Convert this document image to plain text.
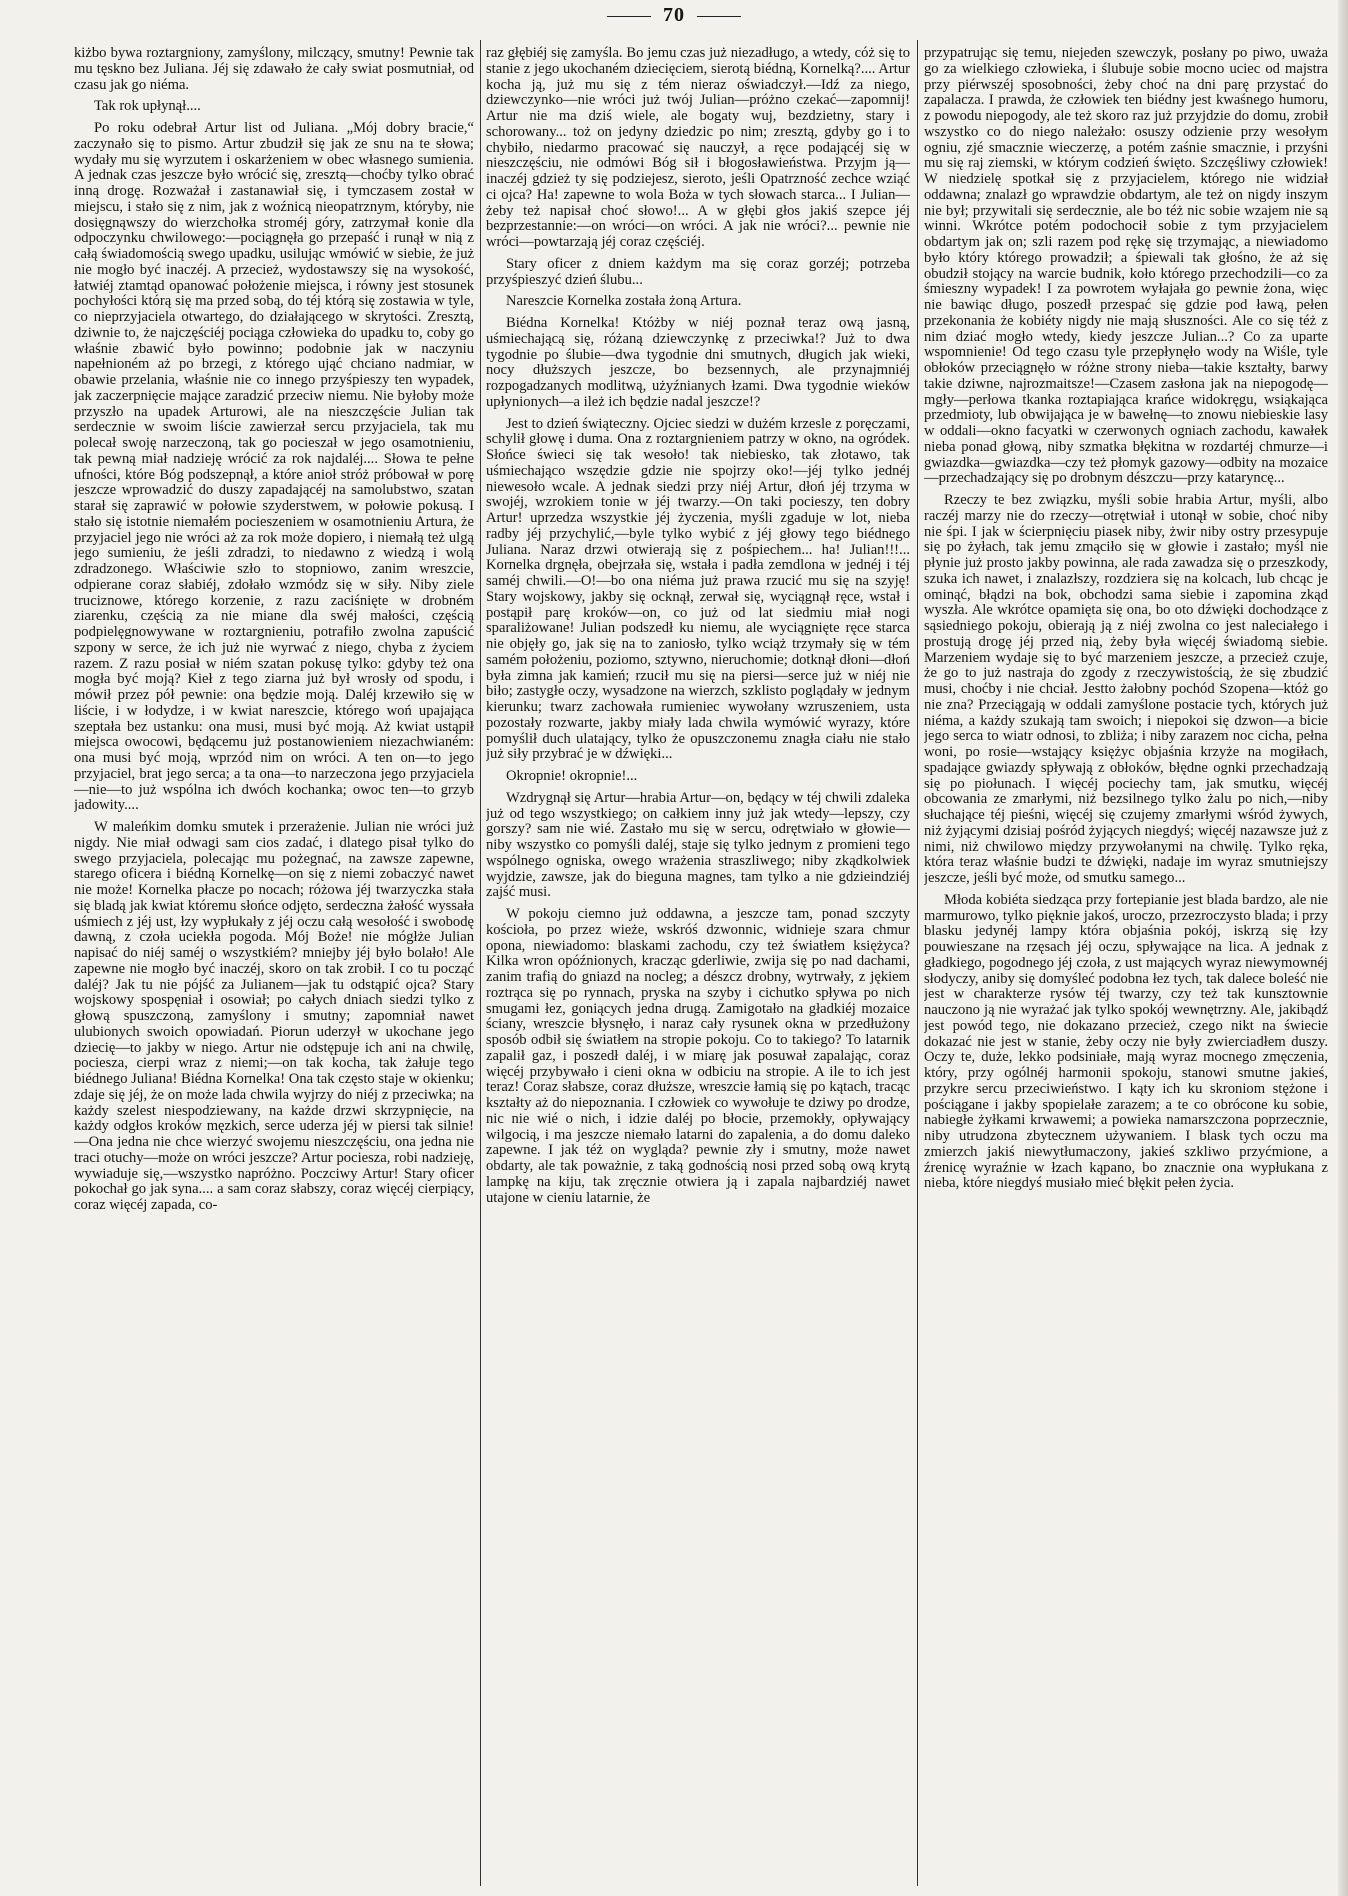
70

kiżbo bywa roztargniony, zamyślony, milczący, smutny! Pewnie tak mu tęskno bez Juliana. Jéj się zdawało że cały swiat posmutniał, od czasu jak go niéma.

Tak rok upłynął....

Po roku odebrał Artur list od Juliana. „Mój dobry bracie,“ zaczynało się to pismo. Artur zbudził się jak ze snu na te słowa; wydały mu się wyrzutem i oskarżeniem w obec własnego sumienia. A jednak czas jeszcze było wrócić się, zresztą—choćby tylko obrać inną drogę. Rozważał i zastanawiał się, i tymczasem został w miejscu, i stało się z nim, jak z woźnicą nieopatrznym, któryby, nie dosięgnąwszy do wierzchołka stroméj góry, zatrzymał konie dla odpoczynku chwilowego:—pociągnęła go przepaść i runął w nią z całą świadomością swego upadku, usilując wmówić w siebie, że już nie mogło być inaczéj. A przecież, wydostawszy się na wysokość, łatwiéj ztamtąd opanować położenie miejsca, i równy jest stosunek pochyłości którą się ma przed sobą, do téj którą się zostawia w tyle, co nieprzyjaciela otwartego, do działającego w skrytości. Zresztą, dziwnie to, że najczęściéj pociąga człowieka do upadku to, coby go właśnie zbawić było powinno; podobnie jak w naczyniu napełnioném aż po brzegi, z którego ująć chciano nadmiar, w obawie przelania, właśnie nie co innego przyśpieszy ten wypadek, jak zaczerpnięcie mające zaradzić przeciw niemu. Nie byłoby może przyszło na upadek Arturowi, ale na nieszczęście Julian tak serdecznie w swoim liście zawierzał sercu przyjaciela, tak mu polecał swoję narzeczoną, tak go pocieszał w jego osamotnieniu, tak pewną miał nadzieję wrócić za rok najdaléj.... Słowa te pełne ufności, które Bóg podszepnął, a które anioł stróż próbował w porę jeszcze wprowadzić do duszy zapadającéj na samolubstwo, szatan starał się zaprawić w połowie szyderstwem, w połowie pokusą. I stało się istotnie niemałém pocieszeniem w osamotnieniu Artura, że przyjaciel jego nie wróci aż za rok może dopiero, i niemałą też ulgą jego sumieniu, że jeśli zdradzi, to niedawno z wiedzą i wolą zdradzonego. Właściwie szło to stopniowo, zanim wreszcie, odpierane coraz słabiéj, zdołało wzmódz się w siły. Niby ziele truciznowe, którego korzenie, z razu zaciśnięte w drobném ziarenku, częścią za nie miane dla swéj małości, częścią podpielęgnowywane w roztargnieniu, potrafiło zwolna zapuścić szpony w serce, że ich już nie wyrwać z niego, chyba z życiem razem. Z razu posiał w niém szatan pokusę tylko: gdyby też ona mogła być moją? Kieł z tego ziarna już był wrosły od spodu, i mówił przez pół pewnie: ona będzie moją. Daléj krzewiło się w liście, i w łodydze, i w kwiat nareszcie, którego woń upajająca szeptała bez ustanku: ona musi, musi być moją. Aż kwiat ustąpił miejsca owocowi, będącemu już postanowieniem niezachwianém: ona musi być moją, wprzód nim on wróci. A ten on—to jego przyjaciel, brat jego serca; a ta ona—to narzeczona jego przyjaciela—nie—to już wspólna ich dwóch kochanka; owoc ten—to grzyb jadowity....

W maleńkim domku smutek i przerażenie. Julian nie wróci już nigdy. Nie miał odwagi sam cios zadać, i dlatego pisał tylko do swego przyjaciela, polecając mu pożegnać, na zawsze zapewne, starego oficera i biédną Kornelkę—on się z niemi zobaczyć nawet nie może! Kornelka płacze po nocach; różowa jéj twarzyczka stała się bladą jak kwiat któremu słońce odjęto, serdeczna żałość wyssała uśmiech z jéj ust, łzy wypłukały z jéj oczu całą wesołość i swobodę dawną, z czoła uciekła pogoda. Mój Boże! nie mógłże Julian napisać do niéj saméj o wszystkiém? mniejby jéj było bolało! Ale zapewne nie mogło być inaczéj, skoro on tak zrobił. I co tu począć daléj? Jak tu nie pójść za Julianem—jak tu odstąpić ojca? Stary wojskowy spospęniał i osowiał; po całych dniach siedzi tylko z głową spuszczoną, zamyślony i smutny; zapomniał nawet ulubionych swoich opowiadań. Piorun uderzył w ukochane jego dziecię—to jakby w niego. Artur nie odstępuje ich ani na chwilę, pociesza, cierpi wraz z niemi;—on tak kocha, tak żałuje tego biédnego Juliana! Biédna Kornelka! Ona tak często staje w okienku; zdaje się jéj, że on może lada chwila wyjrzy do niéj z przeciwka; na każdy szelest niespodziewany, na każde drzwi skrzypnięcie, na każdy odgłos kroków męzkich, serce uderza jéj w piersi tak silnie!—Ona jedna nie chce wierzyć swojemu nieszczęściu, ona jedna nie traci otuchy—może on wróci jeszcze? Artur pociesza, robi nadzieję, wywiaduje się,—wszystko napróżno. Poczciwy Artur! Stary oficer pokochał go jak syna.... a sam coraz słabszy, coraz więcéj cierpiący, coraz więcéj zapada, co-

raz głębiéj się zamyśla. Bo jemu czas już niezadługo, a wtedy, cóż się to stanie z jego ukochaném dziecięciem, sierotą biédną, Kornelką?.... Artur kocha ją, już mu się z tém nieraz oświadczył.—Idź za niego, dziewczynko—nie wróci już twój Julian—próżno czekać—zapomnij! Artur nie ma dziś wiele, ale bogaty wuj, bezdzietny, stary i schorowany... toż on jedyny dziedzic po nim; zresztą, gdyby go i to chybiło, niedarmo pracować się nauczył, a ręce podającéj się w nieszczęściu, nie odmówi Bóg sił i błogosławieństwa. Przyjm ją—inaczéj gdzież ty się podziejesz, sieroto, jeśli Opatrzność zechce wziąć ci ojca? Ha! zapewne to wola Boża w tych słowach starca... I Julian—żeby też napisał choć słowo!... A w głębi głos jakiś szepce jéj bezprzestannie:—on wróci—on wróci. A jak nie wróci?... pewnie nie wróci—powtarzają jéj coraz częściéj.

Stary oficer z dniem każdym ma się coraz gorzéj; potrzeba przyśpieszyć dzień ślubu...

Nareszcie Kornelka została żoną Artura.

Biédna Kornelka! Któżby w niéj poznał teraz ową jasną, uśmiechającą się, różaną dziewczynkę z przeciwka!? Już to dwa tygodnie po ślubie—dwa tygodnie dni smutnych, długich jak wieki, nocy dłuższych jeszcze, bo bezsennych, ale przynajmniéj rozpogadzanych modlitwą, użyźnianych łzami. Dwa tygodnie wieków upłynionych—a ileż ich będzie nadal jeszcze!?

Jest to dzień świąteczny. Ojciec siedzi w dużém krzesle z poręczami, schylił głowę i duma. Ona z roztargnieniem patrzy w okno, na ogródek. Słońce świeci się tak wesoło! tak niebiesko, tak złotawo, tak uśmiechająco wszędzie gdzie nie spojrzy oko!—jéj tylko jednéj niewesoło wcale. A jednak siedzi przy niéj Artur, dłoń jéj trzyma w swojéj, wzrokiem tonie w jéj twarzy.—On taki pocieszy, ten dobry Artur! uprzedza wszystkie jéj życzenia, myśli zgaduje w lot, nieba radby jéj przychylić,—byle tylko wybić z jéj głowy tego biédnego Juliana. Naraz drzwi otwierają się z pośpiechem... ha! Julian!!!... Kornelka drgnęła, obejrzała się, wstała i padła zemdlona w jednéj i téj saméj chwili.—O!—bo ona niéma już prawa rzucić mu się na szyję! Stary wojskowy, jakby się ocknął, zerwał się, wyciągnął ręce, wstał i postąpił parę kroków—on, co już od lat siedmiu miał nogi sparaliżowane! Julian podszedł ku niemu, ale wyciągnięte ręce starca nie objęły go, jak się na to zaniosło, tylko wciąż trzymały się w tém samém położeniu, poziomo, sztywno, nieruchomie; dotknął dłoni—dłoń była zimna jak kamień; rzucił mu się na piersi—serce już w niéj nie biło; zastygłe oczy, wysadzone na wierzch, szklisto poglądały w jednym kierunku; twarz zachowała rumieniec wywołany wzruszeniem, usta pozostały rozwarte, jakby miały lada chwila wymówić wyrazy, które pomyślił duch ulatający, tylko że opuszczonemu znagła ciału nie stało już siły przybrać je w dźwięki...

Okropnie! okropnie!...

Wzdrygnął się Artur—hrabia Artur—on, będący w téj chwili zdaleka już od tego wszystkiego; on całkiem inny już jak wtedy—lepszy, czy gorszy? sam nie wié. Zastało mu się w sercu, odrętwiało w głowie—niby wszystko co pomyśli daléj, staje się tylko jednym z promieni tego wspólnego ogniska, owego wrażenia straszliwego; niby zkądkolwiek wyjdzie, zawsze, jak do bieguna magnes, tam tylko a nie gdzieindziéj zajść musi.

W pokoju ciemno już oddawna, a jeszcze tam, ponad szczyty kościoła, po przez wieże, wskróś dzwonnic, widnieje szara chmur opona, niewiadomo: blaskami zachodu, czy też światłem księżyca? Kilka wron opóźnionych, kracząc gderliwie, zwija się po nad dachami, zanim trafią do gniazd na nocleg; a dészcz drobny, wytrwały, z jękiem roztrąca się po rynnach, pryska na szyby i cichutko spływa po nich smugami łez, goniących jedna drugą. Zamigotało na gładkiéj mozaice ściany, wreszcie błysnęło, i naraz cały rysunek okna w przedłużony sposób odbił się światłem na stropie pokoju. Co to takiego? To latarnik zapalił gaz, i poszedł daléj, i w miarę jak posuwał zapalając, coraz więcéj przybywało i cieni okna w odbiciu na stropie. A ile to ich jest teraz! Coraz słabsze, coraz dłuższe, wreszcie łamią się po kątach, tracąc kształty aż do niepoznania. I człowiek co wywołuje te dziwy po drodze, nic nie wié o nich, i idzie daléj po błocie, przemokły, opływający wilgocią, i ma jeszcze niemało latarni do zapalenia, a do domu daleko zapewne. I jak téż on wygląda? pewnie zły i smutny, może nawet obdarty, ale tak poważnie, z taką godnością nosi przed sobą ową krytą lampkę na kiju, tak zręcznie otwiera ją i zapala najbardziéj nawet utajone w cieniu latarnie, że

przypatrując się temu, niejeden szewczyk, posłany po piwo, uważa go za wielkiego człowieka, i ślubuje sobie mocno uciec od majstra przy piérwszéj sposobności, żeby choć na dni parę przystać do zapalacza. I prawda, że człowiek ten biédny jest kwaśnego humoru, z powodu niepogody, ale też skoro raz już przyjdzie do domu, zrobił wszystko co do niego należało: osuszy odzienie przy wesołym ogniu, zjé smacznie wieczerzę, a potém zaśnie smacznie, i przyśni mu się raj ziemski, w którym codzień święto. Szczęśliwy człowiek! W niedzielę spotkał się z przyjacielem, którego nie widział oddawna; znalazł go wprawdzie obdartym, ale też on nigdy inszym nie był; przywitali się serdecznie, ale bo téż nic sobie wzajem nie są winni. Wkrótce potém podochocił sobie z tym przyjacielem obdartym jak on; szli razem pod rękę się trzymając, a niewiadomo było który którego prowadził; a śpiewali tak głośno, że aż się obudził stojący na warcie budnik, koło którego przechodzili—co za śmieszny wypadek! I za powrotem wyłajała go pewnie żona, więc nie bawiąc długo, poszedł przespać się gdzie pod ławą, pełen przekonania że kobiéty nigdy nie mają słuszności. Ale co się téż z nim dziać mogło wtedy, kiedy jeszcze Julian...? Co za uparte wspomnienie! Od tego czasu tyle przepłynęło wody na Wiśle, tyle obłoków przeciągnęło w różne strony nieba—takie kształty, barwy takie dziwne, najrozmaitsze!—Czasem zasłona jak na niepogodę—mgły—perłowa tkanka roztapiająca krańce widokręgu, wsiąkająca przedmioty, lub obwijająca je w bawełnę—to znowu niebieskie lasy w oddali—okno facyatki w czerwonych ogniach zachodu, kawałek nieba ponad głową, niby szmatka błękitna w rozdartéj chmurze—i gwiazdka—gwiazdka—czy też płomyk gazowy—odbity na mozaice—przechadzający się po drobnym dészczu—przy kataryncę...

Rzeczy te bez związku, myśli sobie hrabia Artur, myśli, albo raczéj marzy nie do rzeczy—otrętwiał i utonął w sobie, choć niby nie śpi. I jak w ścierpnięciu piasek niby, żwir niby ostry przesypuje się po żyłach, tak jemu zmąciło się w głowie i zastało; myśl nie płynie już prosto jakby powinna, ale rada zawadza się o przeszkody, szuka ich nawet, i znalazłszy, rozdziera się na kolcach, lub chcąc je ominąć, błądzi na bok, obchodzi sama siebie i zapomina zkąd wyszła. Ale wkrótce opamięta się ona, bo oto dźwięki dochodzące z sąsiedniego pokoju, obierają ją z niéj zwolna co jest naleciałego i prostują drogę jéj przed nią, żeby była więcéj świadomą siebie. Marzeniem wydaje się to być marzeniem jeszcze, a przecież czuje, że go to już nastraja do zgody z rzeczywistością, że się zbudzić musi, choćby i nie chciał. Jestto żałobny pochód Szopena—któż go nie zna? Przeciągają w oddali zamyślone postacie tych, których już niéma, a każdy szukają tam swoich; i niepokoi się dzwon—a bicie jego serca to wiatr odnosi, to zbliża; i niby zarazem noc cicha, pełna woni, po rosie—wstający księżyc objaśnia krzyże na mogiłach, spadające gwiazdy spływają z obłoków, błędne ognki przechadzają się po piołunach. I więcéj pociechy tam, jak smutku, więcéj obcowania ze zmarłymi, niż bezsilnego tylko żalu po nich,—niby słuchające téj pieśni, więcéj się czujemy zmarłymi wśród żywych, niż żyjącymi dzisiaj pośród żyjących niegdyś; więcéj nazawsze już z nimi, niż chwilowo między przywołanymi na chwilę. Tylko ręka, która teraz właśnie budzi te dźwięki, nadaje im wyraz smutniejszy jeszcze, jeśli być może, od smutku samego...

Młoda kobiéta siedząca przy fortepianie jest blada bardzo, ale nie marmurowo, tylko pięknie jakoś, uroczo, przezroczysto blada; i przy blasku jedynéj lampy która objaśnia pokój, iskrzą się łzy pouwieszane na rzęsach jéj oczu, spływające na lica. A jednak z gładkiego, pogodnego jéj czoła, z ust mających wyraz niewymownéj słodyczy, aniby się domyśleć podobna łez tych, tak dalece boleść nie jest w charakterze rysów téj twarzy, czy też tak kunsztownie nauczono ją nie wyrażać jak tylko spokój wewnętrzny. Ale, jakibądź jest powód tego, nie dokazano przecież, czego nikt na świecie dokazać nie jest w stanie, żeby oczy nie były zwierciadłem duszy. Oczy te, duże, lekko podsiniałe, mają wyraz mocnego zmęczenia, który, przy ogólnéj harmonii spokoju, stanowi smutne jakieś, przykre sercu przeciwieństwo. I kąty ich ku skroniom stężone i pościągane i jakby spopielałe zarazem; a te co obrócone ku sobie, nabiegłe żyłkami krwawemi; a powieka namarszczona poprzecznie, niby utrudzona zbytecznem używaniem. I blask tych oczu ma zmierzch jakiś niewytłumaczony, jakieś szkliwo przyćmione, a źrenicę wyraźnie w łzach kąpano, bo znacznie ona wypłukana z nieba, które niegdyś musiało mieć błękit pełen życia.
